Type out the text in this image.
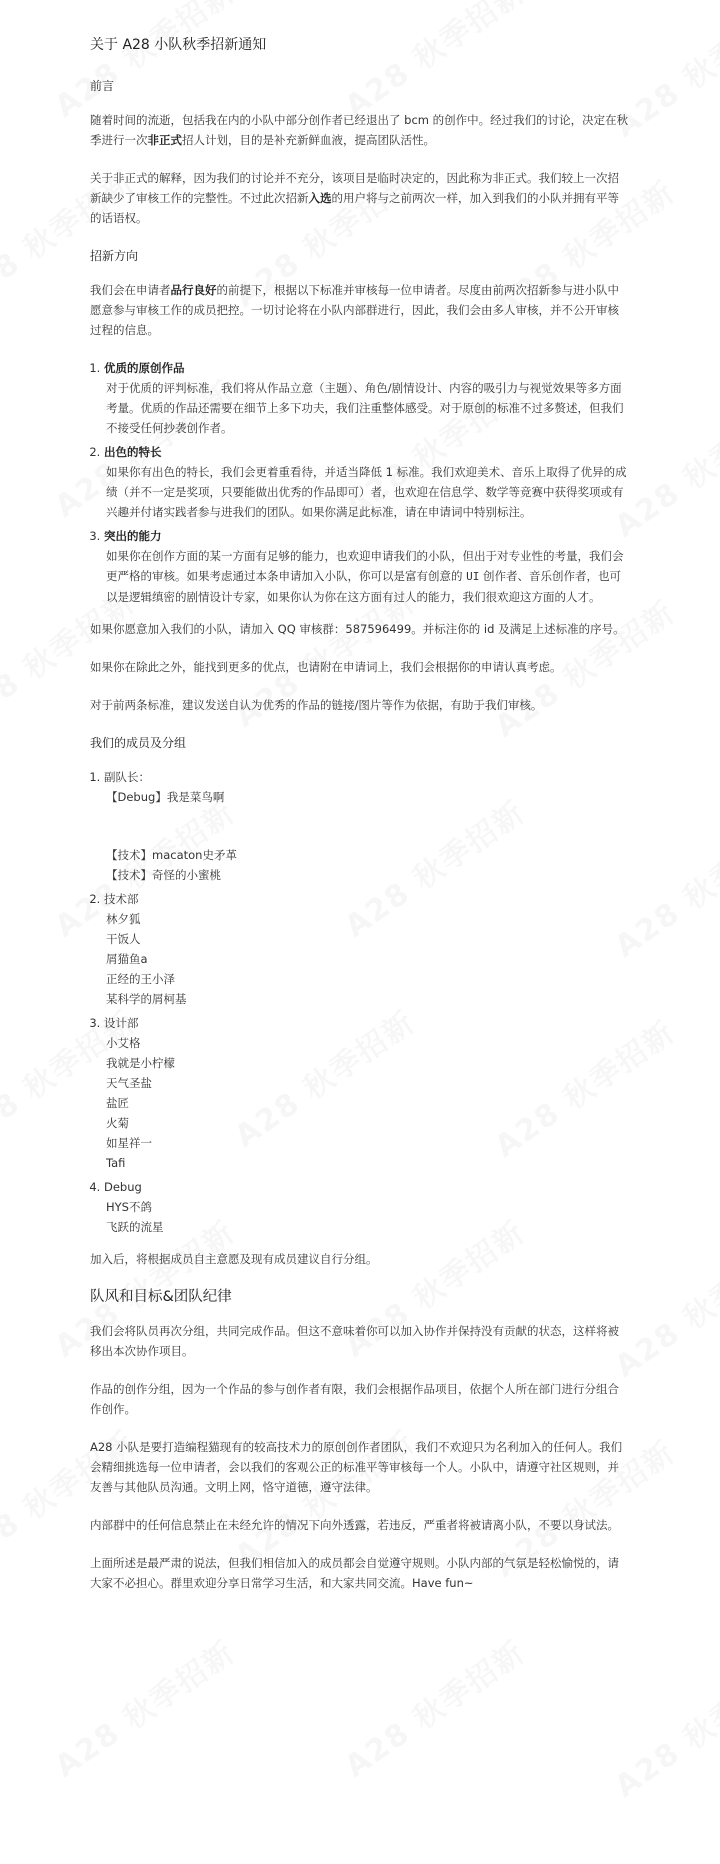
关于 A28 小队秋季招新通知
前言

随着时间的流逝，包括我在内的小队中部分创作者已经退出了 bcm 的创作中。经过我们的讨论，决定在秋季进行一次非正式招人计划，目的是补充新鲜血液，提高团队活性。

关于非正式的解释，因为我们的讨论并不充分，该项目是临时决定的，因此称为非正式。我们较上一次招新缺少了审核工作的完整性。不过此次招新入选的用户将与之前两次一样，加入到我们的小队并拥有平等的话语权。

招新方向

我们会在申请者品行良好的前提下，根据以下标准并审核每一位申请者。尽度由前两次招新参与进小队中愿意参与审核工作的成员把控。一切讨论将在小队内部群进行，因此，我们会由多人审核，并不公开审核过程的信息。

1. 优质的原创作品
对于优质的评判标准，我们将从作品立意（主题）、角色/剧情设计、内容的吸引力与视觉效果等多方面考量。优质的作品还需要在细节上多下功夫，我们注重整体感受。对于原创的标准不过多赘述，但我们不接受任何抄袭创作者。
2. 出色的特长
如果你有出色的特长，我们会更着重看待，并适当降低 1 标准。我们欢迎美术、音乐上取得了优异的成绩（并不一定是奖项，只要能做出优秀的作品即可）者，也欢迎在信息学、数学等竞赛中获得奖项或有兴趣并付诸实践者参与进我们的团队。如果你满足此标准，请在申请词中特别标注。
3. 突出的能力
如果你在创作方面的某一方面有足够的能力，也欢迎申请我们的小队，但出于对专业性的考量，我们会更严格的审核。如果考虑通过本条申请加入小队，你可以是富有创意的 UI 创作者、音乐创作者，也可以是逻辑缜密的剧情设计专家，如果你认为你在这方面有过人的能力，我们很欢迎这方面的人才。

如果你愿意加入我们的小队，请加入 QQ 审核群：587596499。并标注你的 id 及满足上述标准的序号。

如果你在除此之外，能找到更多的优点，也请附在申请词上，我们会根据你的申请认真考虑。

对于前两条标准，建议发送自认为优秀的作品的链接/图片等作为依据，有助于我们审核。

我们的成员及分组
1. 副队长：
【Debug】我是菜鸟啊
【技术】macaton史矛革
【技术】奇怪的小蜜桃
2. 技术部
林夕狐
干饭人
屑猫鱼a
正经的王小泽
某科学的屑柯基
3. 设计部
小艾格
我就是小柠檬
天气圣盐
盐匠
火菊
如星祥一
Tafi
4. Debug
HYS不鸽
飞跃的流星

加入后，将根据成员自主意愿及现有成员建议自行分组。

队风和目标&团队纪律

我们会将队员再次分组，共同完成作品。但这不意味着你可以加入协作并保持没有贡献的状态，这样将被移出本次协作项目。

作品的创作分组，因为一个作品的参与创作者有限，我们会根据作品项目，依据个人所在部门进行分组合作创作。

A28 小队是要打造编程猫现有的较高技术力的原创创作者团队，我们不欢迎只为名利加入的任何人。我们会精细挑选每一位申请者，会以我们的客观公正的标准平等审核每一个人。小队中，请遵守社区规则，并友善与其他队员沟通。文明上网，恪守道德，遵守法律。

内部群中的任何信息禁止在未经允许的情况下向外透露，若违反，严重者将被请离小队，不要以身试法。

上面所述是最严肃的说法，但我们相信加入的成员都会自觉遵守规则。小队内部的气氛是轻松愉悦的，请大家不必担心。群里欢迎分享日常学习生活，和大家共同交流。Have fun~
